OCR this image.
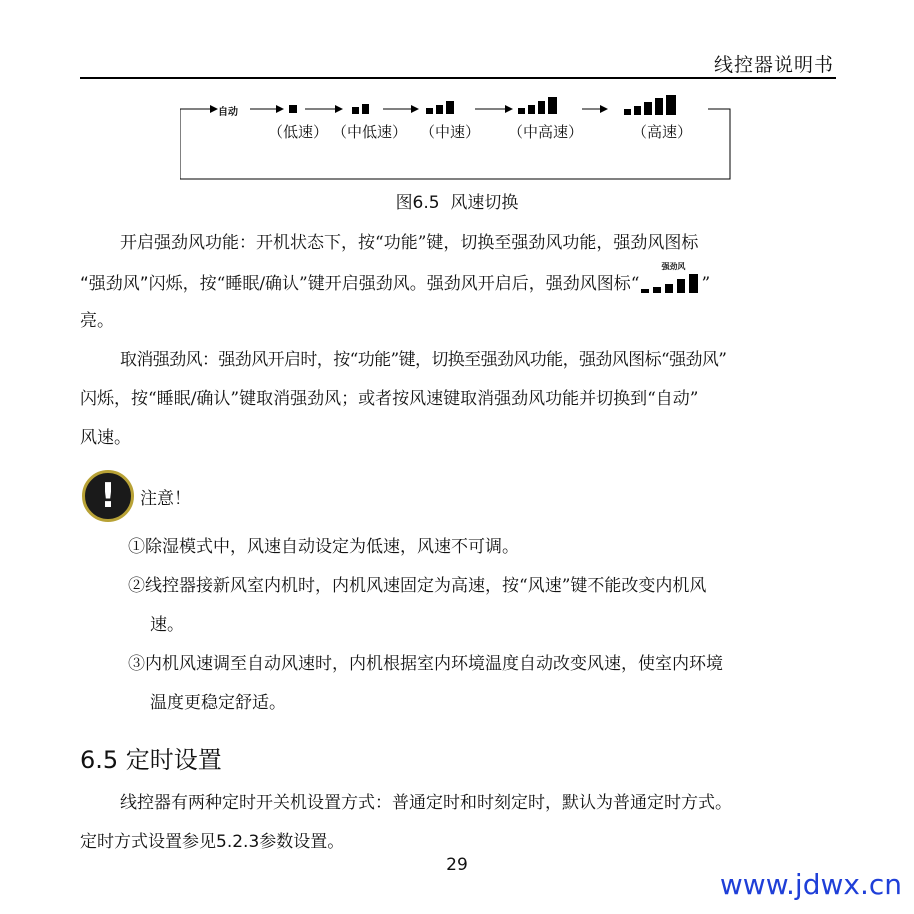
线控器说明书
自动
（低速） （中低速） （中速） （中高速）	（高速）
图6.5 风速切换
开启强劲风功能：开机状态下，按“功能”键，切换至强劲风功能，强劲风图标
“强劲风”闪烁，按“睡眠/确认”键开启强劲风。强劲风开启后，强劲风图标“
强劲风
”
亮。
取消强劲风：强劲风开启时，按“功能”键，切换至强劲风功能，强劲风图标“强劲风”
闪烁，按“睡眠/确认”键取消强劲风；或者按风速键取消强劲风功能并切换到“自动”
风速。
!	注意！
①除湿模式中，风速自动设定为低速，风速不可调。
②线控器接新风室内机时，内机风速固定为高速，按“风速”键不能改变内机风
速。
③内机风速调至自动风速时，内机根据室内环境温度自动改变风速，使室内环境
温度更稳定舒适。
6.5 定时设置
线控器有两种定时开关机设置方式：普通定时和时刻定时，默认为普通定时方式。
定时方式设置参见5.2.3参数设置。
29
www.jdwx.cn
